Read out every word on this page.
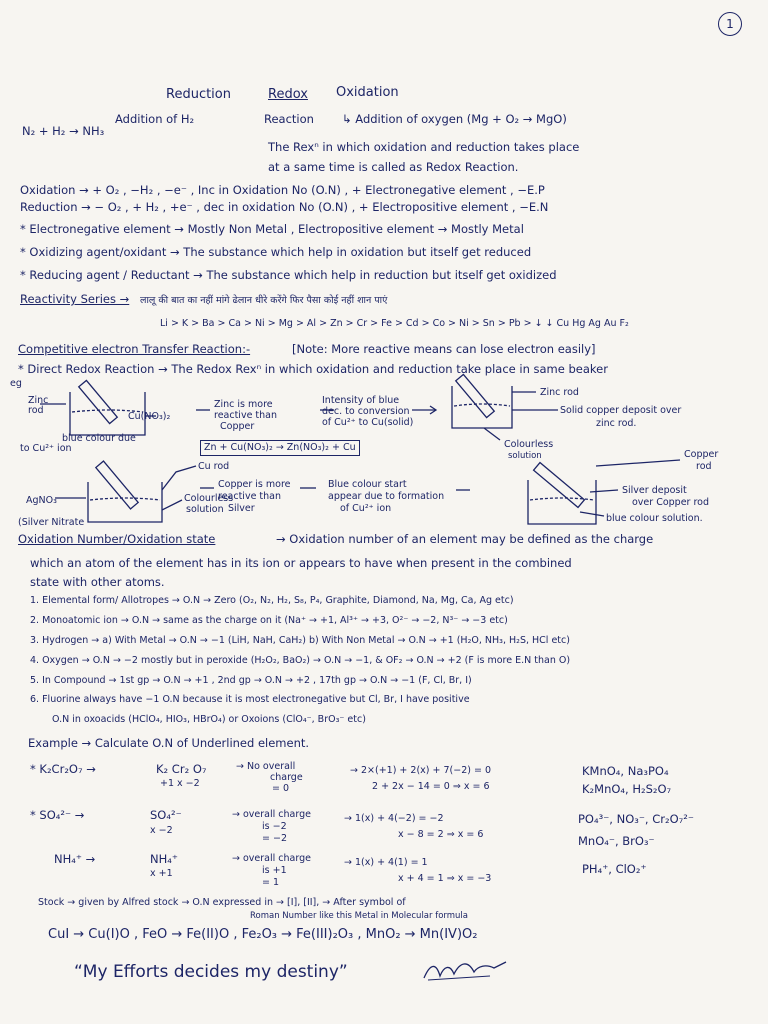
1
Reduction	Redox Oxidation
Addition of H₂
N₂ + H₂ → NH₃
Reaction ↳ Addition of oxygen (Mg + O₂ → MgO)
The Rexⁿ in which oxidation and reduction takes place
at a same time is called as Redox Reaction.
Oxidation → + O₂ , −H₂ , −e⁻ , Inc in Oxidation No (O.N) , + Electronegative element , −E.P
Reduction → − O₂ , + H₂ , +e⁻ , dec in oxidation No (O.N) , + Electropositive element , −E.N
* Electronegative element → Mostly Non Metal , Electropositive element → Mostly Metal
* Oxidizing agent/oxidant → The substance which help in oxidation but itself get reduced
* Reducing agent / Reductant → The substance which help in reduction but itself get oxidized
Reactivity Series → लालू की बात का नहीं मांगे ढेलान धीरे करेंगे फिर पैसा कोई नहीं शान पाएं
Li > K > Ba > Ca > Ni > Mg > Al > Zn > Cr > Fe > Cd > Co > Ni > Sn > Pb > ↓ ↓ Cu Hg Ag Au F₂
Competitive electron Transfer Reaction:-	[Note: More reactive means can lose electron easily]
* Direct Redox Reaction → The Redox Rexⁿ in which oxidation and reduction take place in same beaker
eg
Zinc rod
Cu(NO₃)₂
blue colour due
to Cu²⁺ ion
Zinc is more
reactive than
Copper
Intensity of blue
dec. to conversion
of Cu²⁺ to Cu(solid)
Zn + Cu(NO₃)₂ → Zn(NO₃)₂ + Cu
Zinc rod
Solid copper deposit over
zinc rod.
Colourless
solution
AgNO₃
(Silver Nitrate
Cu rod
Colourless
solution
Copper is more
reactive than
Silver
Blue colour start
appear due to formation
of Cu²⁺ ion
Copper
rod
Silver deposit
over Copper rod
blue colour solution.
Oxidation Number/Oxidation state	→ Oxidation number of an element may be defined as the charge
which an atom of the element has in its ion or appears to have when present in the combined
state with other atoms.
1. Elemental form/ Allotropes → O.N → Zero (O₂, N₂, H₂, S₈, P₄, Graphite, Diamond, Na, Mg, Ca, Ag etc)
2. Monoatomic ion → O.N → same as the charge on it (Na⁺ → +1, Al³⁺ → +3, O²⁻ → −2, N³⁻ → −3 etc)
3. Hydrogen → a) With Metal → O.N → −1 (LiH, NaH, CaH₂) b) With Non Metal → O.N → +1 (H₂O, NH₃, H₂S, HCl etc)
4. Oxygen → O.N → −2 mostly but in peroxide (H₂O₂, BaO₂) → O.N → −1, & OF₂ → O.N → +2 (F is more E.N than O)
5. In Compound → 1st gp → O.N → +1 , 2nd gp → O.N → +2 , 17th gp → O.N → −1 (F, Cl, Br, I)
6. Fluorine always have −1 O.N because it is most electronegative but Cl, Br, I have positive
O.N in oxoacids (HClO₄, HIO₃, HBrO₄) or Oxoions (ClO₄⁻, BrO₃⁻ etc)
Example → Calculate O.N of Underlined element.
* K₂Cr₂O₇ →	K₂ Cr₂ O₇
+1 x −2
→ No overall
charge
= 0
→ 2×(+1) + 2(x) + 7(−2) = 0
2 + 2x − 14 = 0 ⇒ x = 6
KMnO₄, Na₃PO₄
K₂MnO₄, H₂S₂O₇
* SO₄²⁻ →	SO₄²⁻
x −2
→ overall charge
is −2
= −2
→ 1(x) + 4(−2) = −2
x − 8 = 2 ⇒ x = 6
PO₄³⁻, NO₃⁻, Cr₂O₇²⁻
MnO₄⁻, BrO₃⁻
NH₄⁺ →	NH₄⁺
x +1
→ overall charge
is +1
= 1
→ 1(x) + 4(1) = 1
x + 4 = 1 ⇒ x = −3
PH₄⁺, ClO₂⁺
Stock → given by Alfred stock → O.N expressed in → [I], [II], → After symbol of
Roman Number like this Metal in Molecular formula
CuI → Cu(I)O , FeO → Fe(II)O , Fe₂O₃ → Fe(III)₂O₃ , MnO₂ → Mn(IV)O₂
“My Efforts decides my destiny”
